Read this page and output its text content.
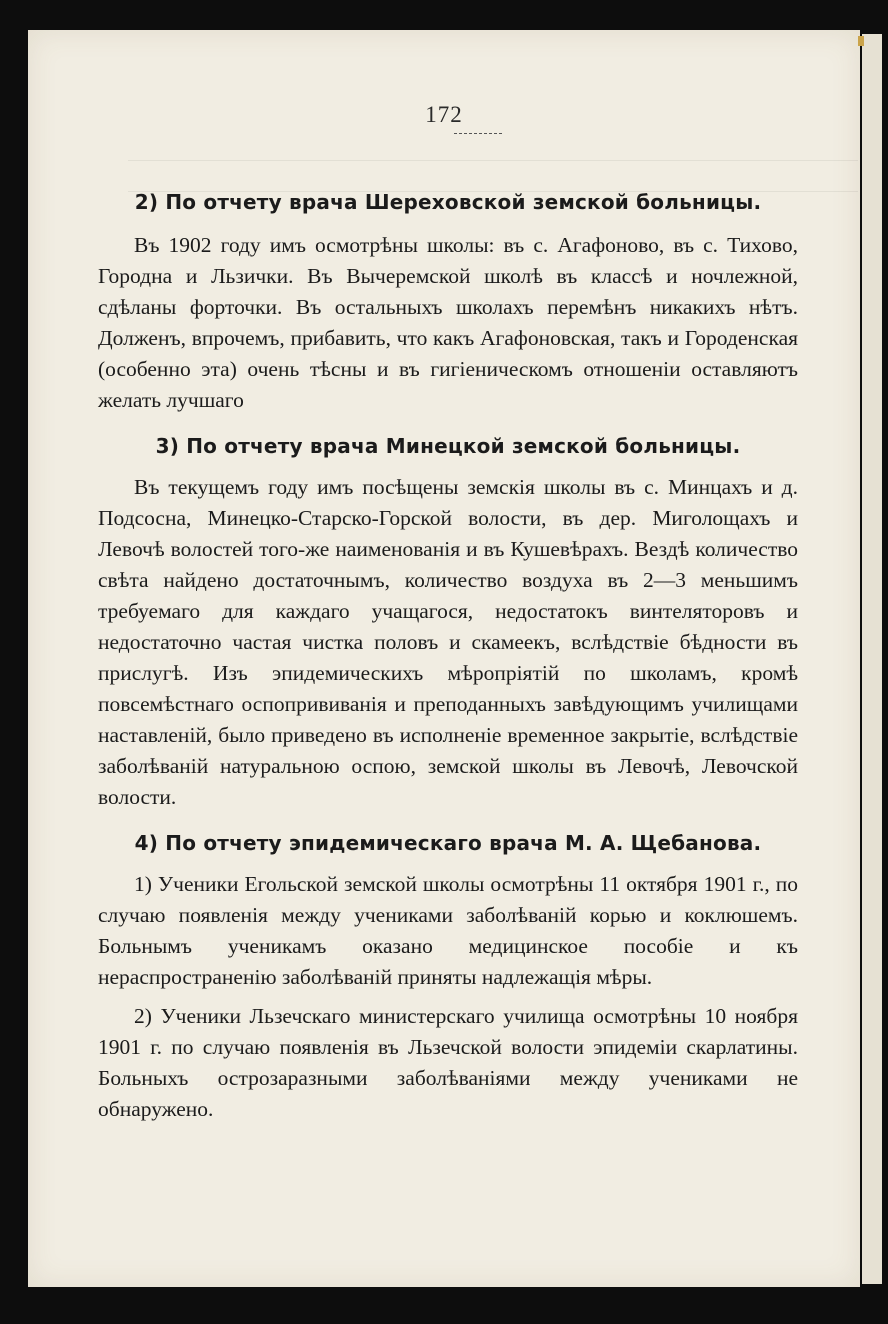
172
2) По отчету врача Шереховской земской больницы.

Въ 1902 году имъ осмотрѣны школы: въ с. Агафоново, въ с. Тихово, Городна и Льзички. Въ Вычеремской школѣ въ классѣ и ночлежной, сдѣланы форточки. Въ остальныхъ школахъ перемѣнъ никакихъ нѣтъ. Долженъ, впрочемъ, прибавить, что какъ Агафоновская, такъ и Городенская (особенно эта) очень тѣсны и въ гигіеническомъ отношеніи оставляютъ желать лучшаго

3) По отчету врача Минецкой земской больницы.

Въ текущемъ году имъ посѣщены земскія школы въ с. Минцахъ и д. Подсосна, Минецко-Старско-Горской волости, въ дер. Миголощахъ и Левочѣ волостей того-же наименованія и въ Кушевѣрахъ. Вездѣ количество свѣта найдено достаточнымъ, количество воздуха въ 2—3 меньшимъ требуемаго для каждаго учащагося, недостатокъ винтеляторовъ и недостаточно частая чистка половъ и скамеекъ, вслѣдствіе бѣдности въ прислугѣ. Изъ эпидемическихъ мѣропріятій по школамъ, кромѣ повсемѣстнаго оспопрививанія и преподанныхъ завѣдующимъ училищами наставленій, было приведено въ исполненіе временное закрытіе, вслѣдствіе заболѣваній натуральною оспою, земской школы въ Левочѣ, Левочской волости.

4) По отчету эпидемическаго врача М. А. Щебанова.

1) Ученики Егольской земской школы осмотрѣны 11 октября 1901 г., по случаю появленія между учениками заболѣваній корью и коклюшемъ. Больнымъ ученикамъ оказано медицинское пособіе и къ нераспространенію заболѣваній приняты надлежащія мѣры.

2) Ученики Льзечскаго министерскаго училища осмотрѣны 10 ноября 1901 г. по случаю появленія въ Льзечской волости эпидеміи скарлатины. Больныхъ острозаразными заболѣваніями между учениками не обнаружено.
